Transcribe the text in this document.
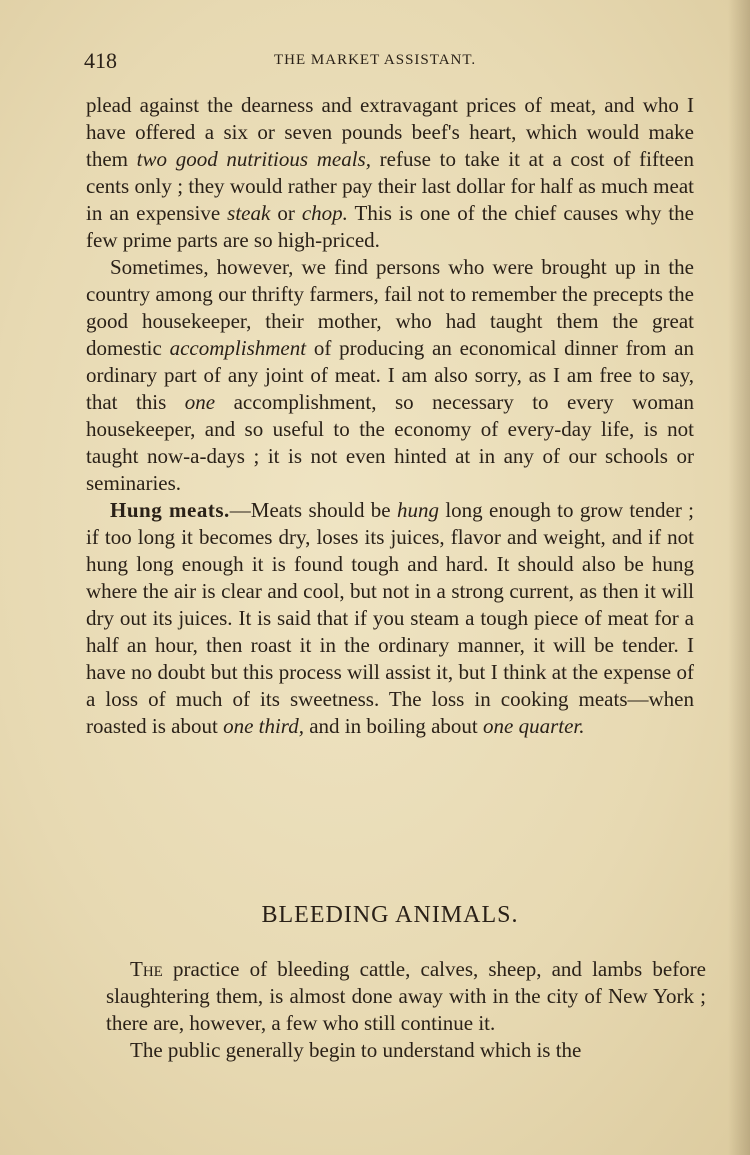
418	THE MARKET ASSISTANT.

plead against the dearness and extravagant prices of meat, and who I have offered a six or seven pounds beef's heart, which would make them two good nutritious meals, refuse to take it at a cost of fifteen cents only ; they would rather pay their last dollar for half as much meat in an expensive steak or chop. This is one of the chief causes why the few prime parts are so high-priced.

Sometimes, however, we find persons who were brought up in the country among our thrifty farmers, fail not to remember the precepts the good housekeeper, their mother, who had taught them the great domestic accomplishment of producing an economical dinner from an ordinary part of any joint of meat. I am also sorry, as I am free to say, that this one accomplishment, so necessary to every woman housekeeper, and so useful to the economy of every-day life, is not taught now-a-days ; it is not even hinted at in any of our schools or seminaries.

Hung meats.—Meats should be hung long enough to grow tender ; if too long it becomes dry, loses its juices, flavor and weight, and if not hung long enough it is found tough and hard. It should also be hung where the air is clear and cool, but not in a strong current, as then it will dry out its juices. It is said that if you steam a tough piece of meat for a half an hour, then roast it in the ordinary manner, it will be tender. I have no doubt but this process will assist it, but I think at the expense of a loss of much of its sweetness. The loss in cooking meats—when roasted is about one third, and in boiling about one quarter.

BLEEDING ANIMALS.

The practice of bleeding cattle, calves, sheep, and lambs before slaughtering them, is almost done away with in the city of New York ; there are, however, a few who still continue it.

The public generally begin to understand which is the
